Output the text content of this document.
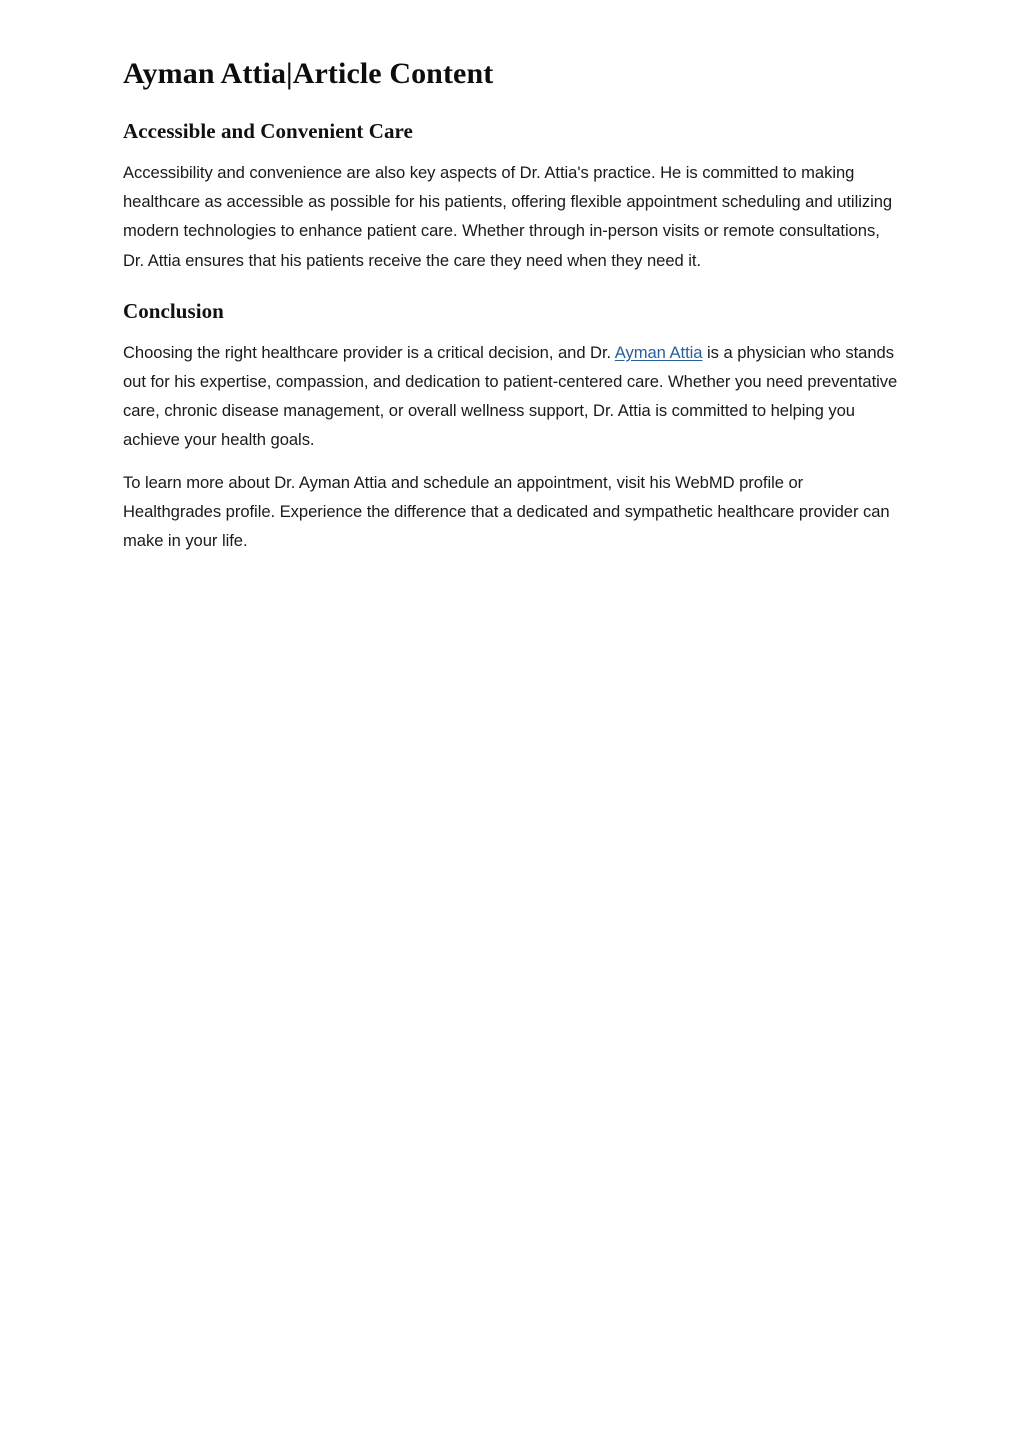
Ayman Attia|Article Content
Accessible and Convenient Care

Accessibility and convenience are also key aspects of Dr. Attia's practice. He is committed to making healthcare as accessible as possible for his patients, offering flexible appointment scheduling and utilizing modern technologies to enhance patient care. Whether through in-person visits or remote consultations, Dr. Attia ensures that his patients receive the care they need when they need it.

Conclusion

Choosing the right healthcare provider is a critical decision, and Dr. Ayman Attia is a physician who stands out for his expertise, compassion, and dedication to patient-centered care. Whether you need preventative care, chronic disease management, or overall wellness support, Dr. Attia is committed to helping you achieve your health goals.

To learn more about Dr. Ayman Attia and schedule an appointment, visit his WebMD profile or Healthgrades profile. Experience the difference that a dedicated and sympathetic healthcare provider can make in your life.
